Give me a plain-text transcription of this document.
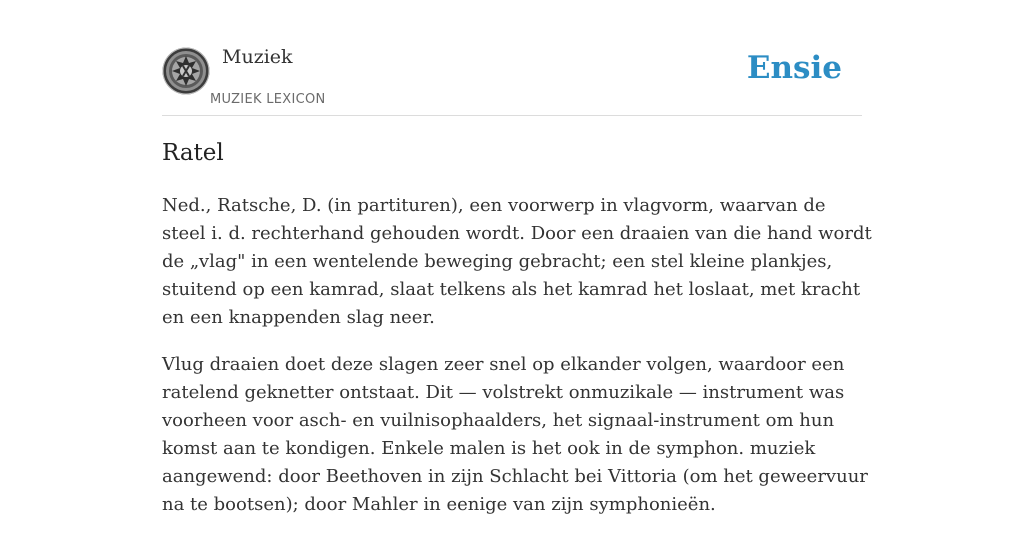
Muziek
MUZIEK LEXICON
Ensie
Ratel

Ned., Ratsche, D. (in partituren), een voorwerp in vlagvorm, waarvan de steel i. d. rechterhand gehouden wordt. Door een draaien van die hand wordt de „vlag" in een wentelende beweging gebracht; een stel kleine plankjes, stuitend op een kamrad, slaat telkens als het kamrad het loslaat, met kracht en een knappenden slag neer.

Vlug draaien doet deze slagen zeer snel op elkander volgen, waardoor een ratelend geknetter ontstaat. Dit — volstrekt onmuzikale — instrument was voorheen voor asch- en vuilnisophaalders, het signaal-instrument om hun komst aan te kondigen. Enkele malen is het ook in de symphon. muziek aangewend: door Beethoven in zijn Schlacht bei Vittoria (om het geweervuur na te bootsen); door Mahler in eenige van zijn symphonieën.
